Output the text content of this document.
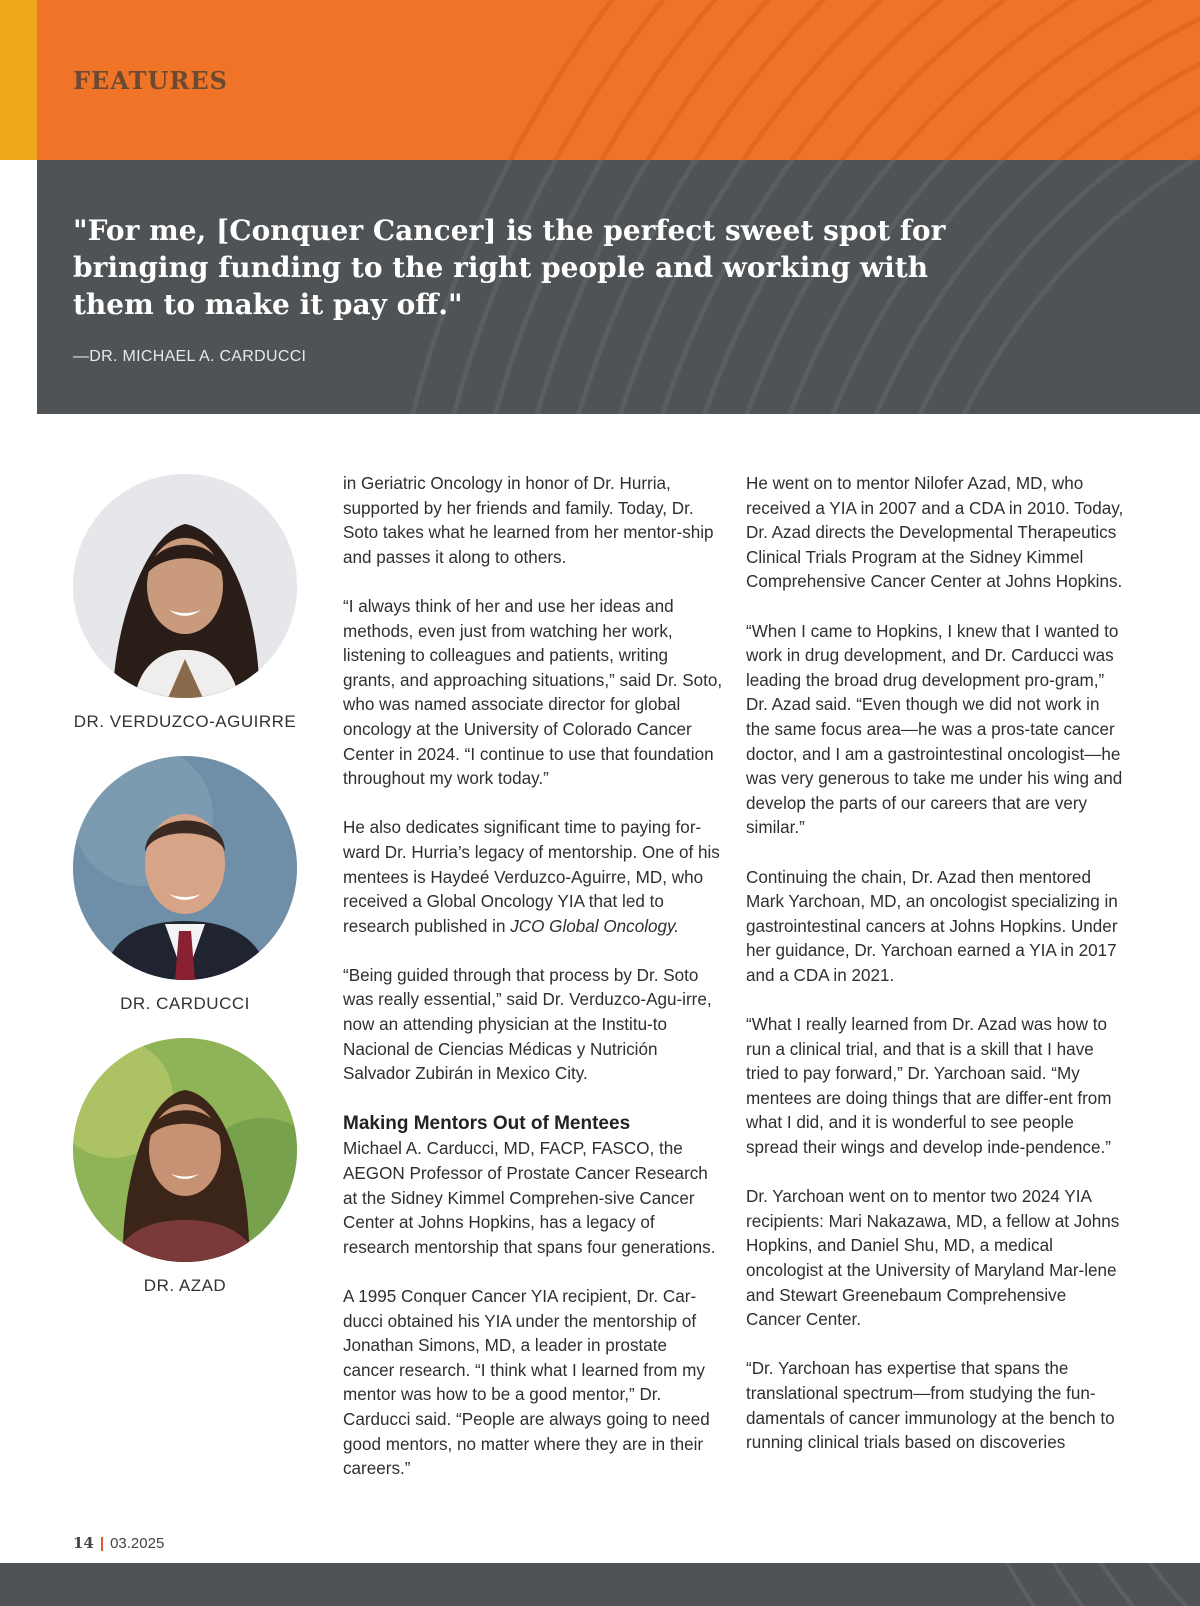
FEATURES

"For me, [Conquer Cancer] is the perfect sweet spot for bringing funding to the right people and working with them to make it pay off."

—DR. MICHAEL A. CARDUCCI

DR. VERDUZCO-AGUIRRE

DR. CARDUCCI

DR. AZAD

in Geriatric Oncology in honor of Dr. Hurria, supported by her friends and family. Today, Dr. Soto takes what he learned from her mentor-ship and passes it along to others.

“I always think of her and use her ideas and methods, even just from watching her work, listening to colleagues and patients, writing grants, and approaching situations,” said Dr. Soto, who was named associate director for global oncology at the University of Colorado Cancer Center in 2024. “I continue to use that foundation throughout my work today.”

He also dedicates significant time to paying for-ward Dr. Hurria’s legacy of mentorship. One of his mentees is Haydeé Verduzco-Aguirre, MD, who received a Global Oncology YIA that led to research published in JCO Global Oncology.

“Being guided through that process by Dr. Soto was really essential,” said Dr. Verduzco-Agu-irre, now an attending physician at the Institu-to Nacional de Ciencias Médicas y Nutrición Salvador Zubirán in Mexico City.

Making Mentors Out of Mentees

Michael A. Carducci, MD, FACP, FASCO, the AEGON Professor of Prostate Cancer Research at the Sidney Kimmel Comprehen-sive Cancer Center at Johns Hopkins, has a legacy of research mentorship that spans four generations.

A 1995 Conquer Cancer YIA recipient, Dr. Car-ducci obtained his YIA under the mentorship of Jonathan Simons, MD, a leader in prostate cancer research. “I think what I learned from my mentor was how to be a good mentor,” Dr. Carducci said. “People are always going to need good mentors, no matter where they are in their careers.”

He went on to mentor Nilofer Azad, MD, who received a YIA in 2007 and a CDA in 2010. Today, Dr. Azad directs the Developmental Therapeutics Clinical Trials Program at the Sidney Kimmel Comprehensive Cancer Center at Johns Hopkins.

“When I came to Hopkins, I knew that I wanted to work in drug development, and Dr. Carducci was leading the broad drug development pro-gram,” Dr. Azad said. “Even though we did not work in the same focus area—he was a pros-tate cancer doctor, and I am a gastrointestinal oncologist—he was very generous to take me under his wing and develop the parts of our careers that are very similar.”

Continuing the chain, Dr. Azad then mentored Mark Yarchoan, MD, an oncologist specializing in gastrointestinal cancers at Johns Hopkins. Under her guidance, Dr. Yarchoan earned a YIA in 2017 and a CDA in 2021.

“What I really learned from Dr. Azad was how to run a clinical trial, and that is a skill that I have tried to pay forward,” Dr. Yarchoan said. “My mentees are doing things that are differ-ent from what I did, and it is wonderful to see people spread their wings and develop inde-pendence.”

Dr. Yarchoan went on to mentor two 2024 YIA recipients: Mari Nakazawa, MD, a fellow at Johns Hopkins, and Daniel Shu, MD, a medical oncologist at the University of Maryland Mar-lene and Stewart Greenebaum Comprehensive Cancer Center.

“Dr. Yarchoan has expertise that spans the translational spectrum—from studying the fun-damentals of cancer immunology at the bench to running clinical trials based on discoveries

14 | 03.2025
